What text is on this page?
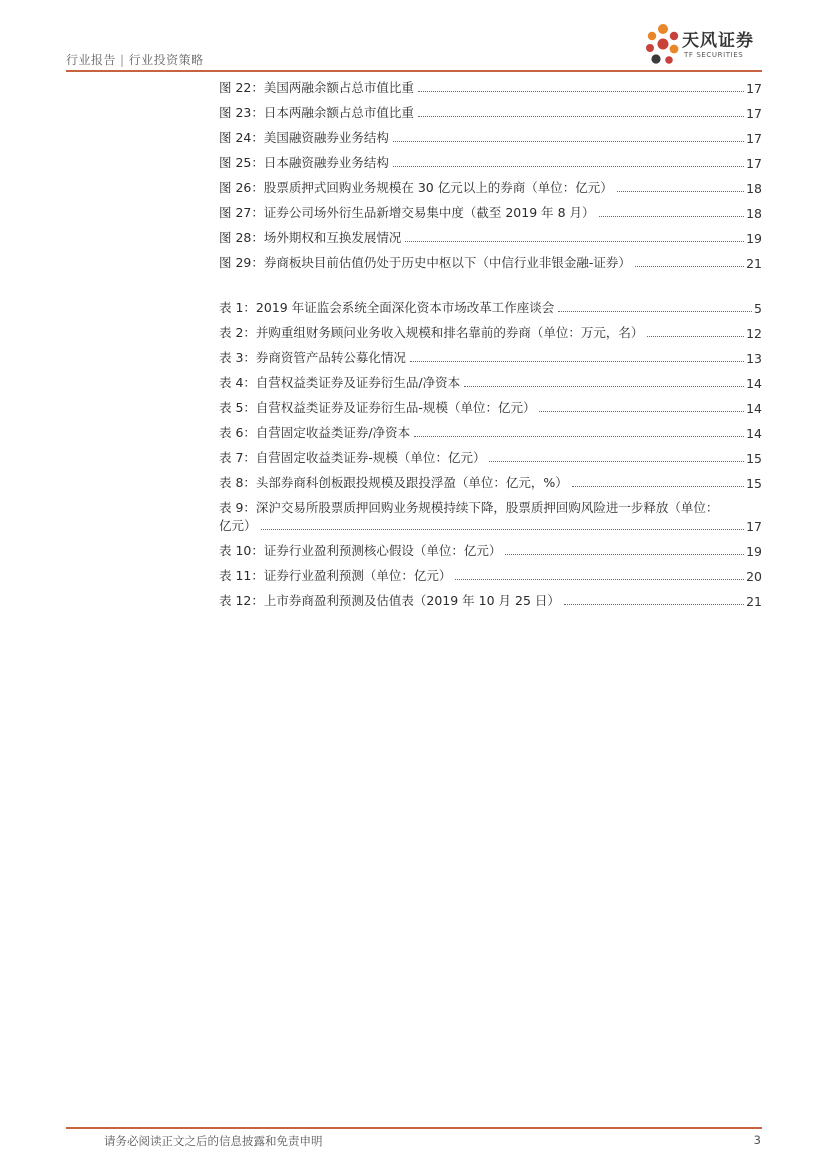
行业报告 | 行业投资策略
天风证券
TF SECURITIES
图 22：美国两融余额占总市值比重	17
图 23：日本两融余额占总市值比重	17
图 24：美国融资融券业务结构	17
图 25：日本融资融券业务结构	17
图 26：股票质押式回购业务规模在 30 亿元以上的券商（单位：亿元）	18
图 27：证券公司场外衍生品新增交易集中度（截至 2019 年 8 月）	18
图 28：场外期权和互换发展情况	19
图 29：券商板块目前估值仍处于历史中枢以下（中信行业非银金融-证券）	21
表 1：2019 年证监会系统全面深化资本市场改革工作座谈会	5
表 2：并购重组财务顾问业务收入规模和排名靠前的券商（单位：万元，名）	12
表 3：券商资管产品转公募化情况	13
表 4：自营权益类证券及证券衍生品/净资本	14
表 5：自营权益类证券及证券衍生品-规模（单位：亿元）	14
表 6：自营固定收益类证券/净资本	14
表 7：自营固定收益类证券-规模（单位：亿元）	15
表 8：头部券商科创板跟投规模及跟投浮盈（单位：亿元，%）	15
表 9：深沪交易所股票质押回购业务规模持续下降，股票质押回购风险进一步释放（单位：
亿元）	17
表 10：证券行业盈利预测核心假设（单位：亿元）	19
表 11：证券行业盈利预测（单位：亿元）	20
表 12：上市券商盈利预测及估值表（2019 年 10 月 25 日）	21
请务必阅读正文之后的信息披露和免责申明	3
